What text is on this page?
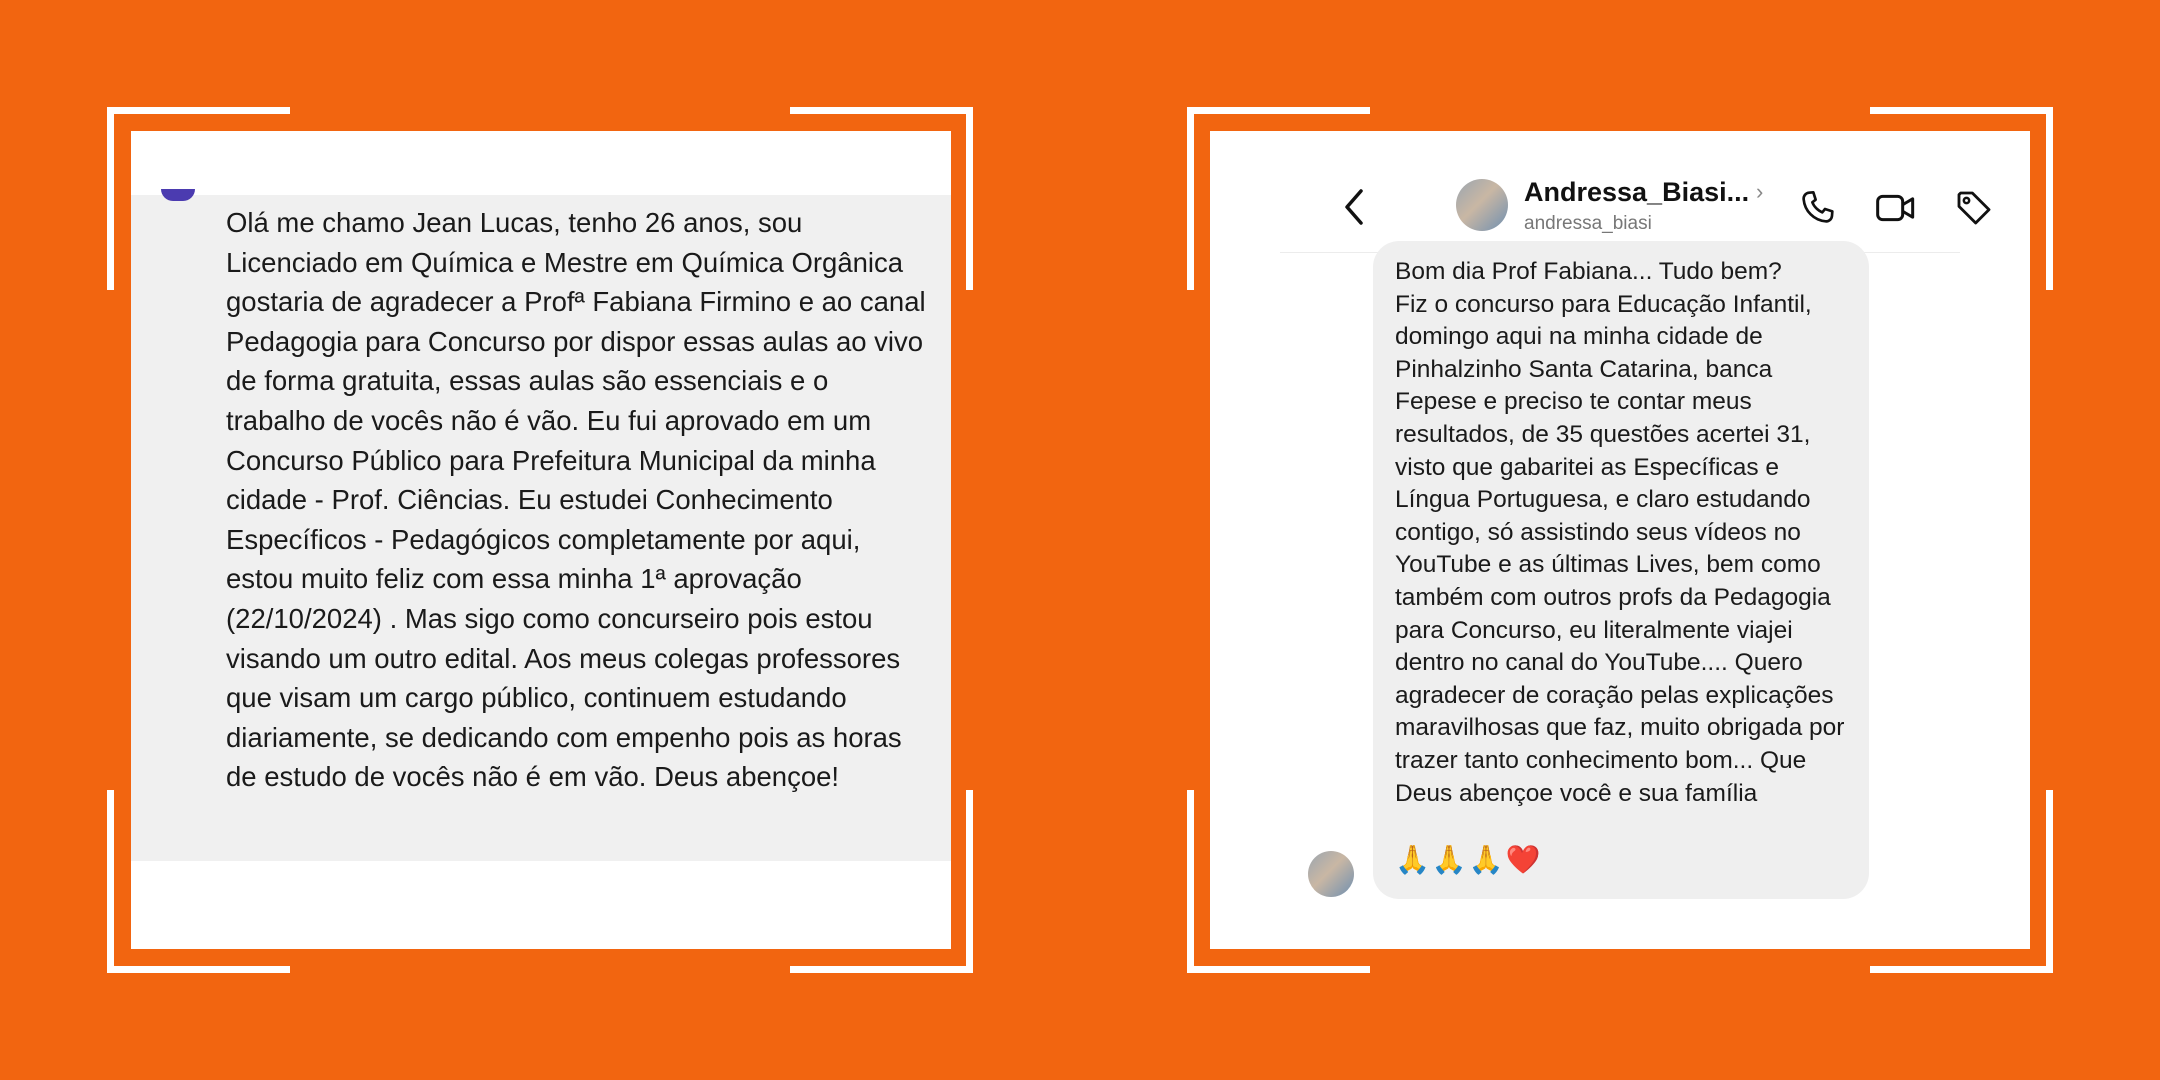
Olá me chamo Jean Lucas, tenho 26 anos, sou Licenciado em Química e Mestre em Química Orgânica gostaria de agradecer a Profª Fabiana Firmino e ao canal Pedagogia para Concurso por dispor essas aulas ao vivo de forma gratuita, essas aulas são essenciais e o trabalho de vocês não é vão. Eu fui aprovado em um Concurso Público para Prefeitura Municipal da minha cidade - Prof. Ciências. Eu estudei Conhecimento Específicos - Pedagógicos completamente por aqui, estou muito feliz com essa minha 1ª aprovação (22/10/2024) . Mas sigo como concurseiro pois estou visando um outro edital. Aos meus colegas professores que visam um cargo público, continuem estudando diariamente, se dedicando com empenho pois as horas de estudo de vocês não é em vão. Deus abençoe!

Andressa_Biasi... ›
andressa_biasi

Bom dia Prof Fabiana... Tudo bem?
Fiz o concurso para Educação Infantil, domingo aqui na minha cidade de Pinhalzinho Santa Catarina, banca Fepese e preciso te contar meus resultados, de 35 questões acertei 31, visto que gabaritei as Específicas e Língua Portuguesa, e claro estudando contigo, só assistindo seus vídeos no YouTube e as últimas Lives, bem como também com outros profs da Pedagogia para Concurso, eu literalmente viajei dentro no canal do YouTube.... Quero agradecer de coração pelas explicações maravilhosas que faz, muito obrigada por trazer tanto conhecimento bom... Que Deus abençoe você e sua família

🙏🙏🙏❤️
